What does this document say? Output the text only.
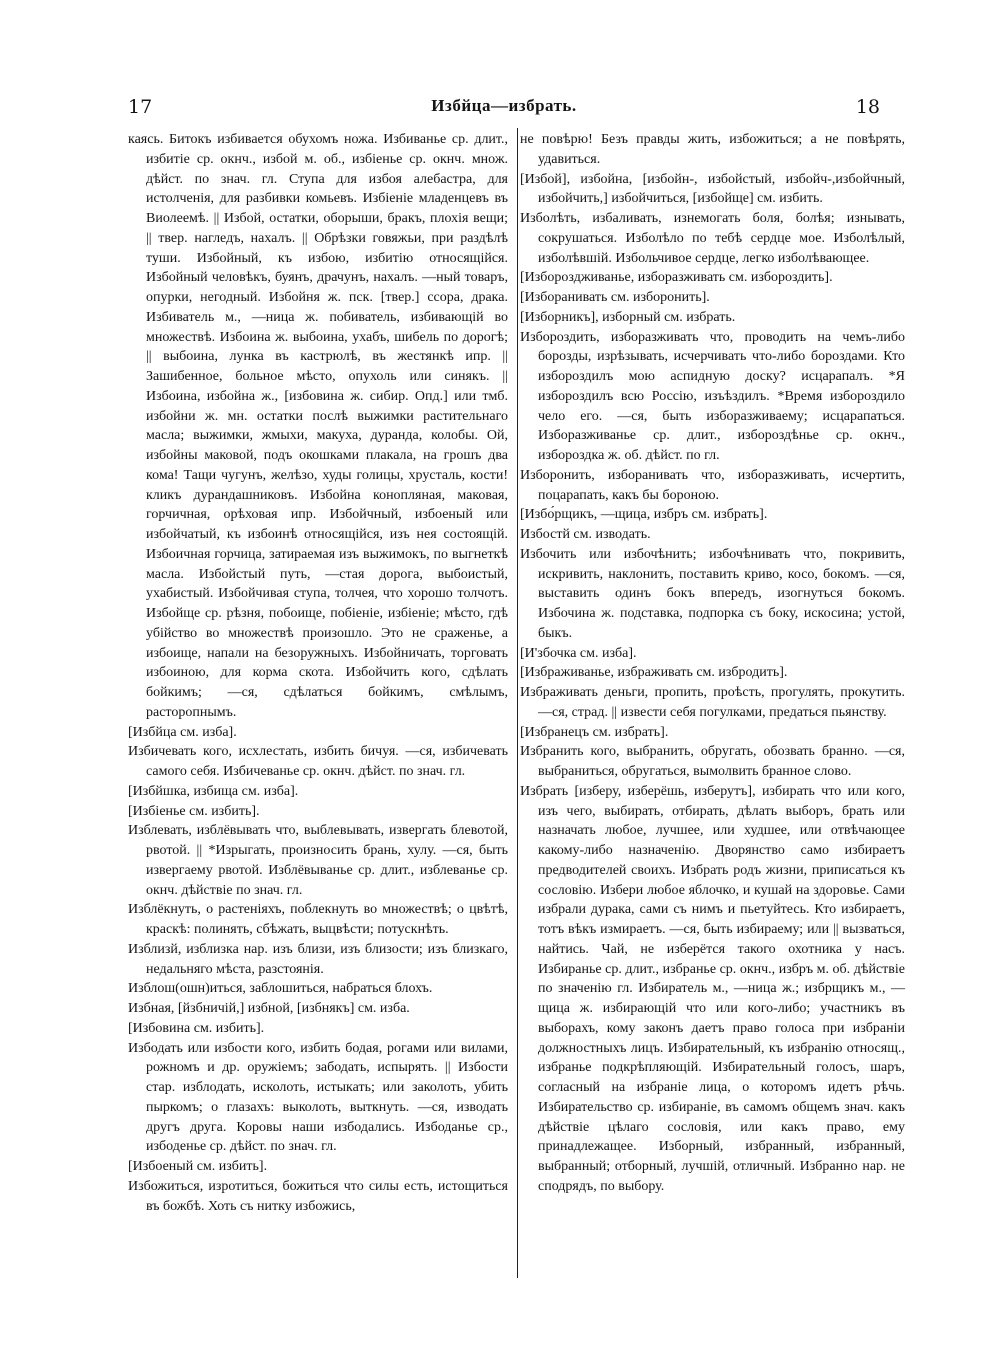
17	Избйца—избрать.	18

каясь. Битокъ избивается обухомъ ножа. Избиванье ср. длит., избитіе ср. окнч., избой м. об., избіенье ср. окнч. множ. дѣйст. по знач. гл. Ступа для избоя алебастра, для истолченія, для разбивки комьевъ. Избіеніе младенцевъ въ Виолеемѣ. || Избой, остатки, оборыши, бракъ, плохія вещи; || твер. нагледъ, нахалъ. || Обрѣзки говяжьи, при раздѣлѣ туши. Избойный, къ избою, избитію относящійся. Избойный человѣкъ, буянъ, драчунъ, нахалъ. —ный товаръ, опурки, негодный. Избойня ж. пск. [твер.] ссора, драка. Избиватель м., —ница ж. побиватель, избивающій во множествѣ. Избоина ж. выбоина, ухабъ, шибель по дорогѣ; || выбоина, лунка въ кастрюлѣ, въ жестянкѣ ипр. || Зашибенное, больное мѣсто, опухоль или синякъ. || Избоина, избойна ж., [избовина ж. сибир. Опд.] или тмб. избойни ж. мн. остатки послѣ выжимки растительнаго масла; выжимки, жмыхи, макуха, дуранда, колобы. Ой, избойны маковой, подъ окошками плакала, на грошъ два кома! Тащи чугунъ, желѣзо, худы голицы, хрусталь, кости! кликъ дурандашниковъ. Избойна конопляная, маковая, горчичная, орѣховая ипр. Избойчный, избоеный или избойчатый, къ избоинѣ относящійся, изъ нея состоящій. Избоичная горчица, затираемая изъ выжимокъ, по выгнеткѣ масла. Избойстый путь, —стая дорога, выбоистый, ухабистый. Избойчивая ступа, толчея, что хорошо толчотъ. Избойще ср. рѣзня, побоище, побіеніе, избіеніе; мѣсто, гдѣ убійство во множествѣ произошло. Это не сраженье, а избоище, напали на безоружныхъ. Избойничать, торговать избоиною, для корма скота. Избойчить кого, сдѣлать бойкимъ; —ся, сдѣлаться бойкимъ, смѣлымъ, расторопнымъ.

[Избйца см. изба].

Избичевать кого, исхлестать, избить бичуя. —ся, избичевать самого себя. Избичеванье ср. окнч. дѣйст. по знач. гл.

[Избйшка, избища см. изба].

[Избіенье см. избить].

Изблевать, изблёвывать что, выблевывать, извергать блевотой, рвотой. || *Изрыгать, произносить брань, хулу. —ся, быть извергаему рвотой. Изблёвыванье ср. длит., изблеванье ср. окнч. дѣйствіе по знач. гл.

Изблёкнуть, о растеніяхъ, поблекнуть во множествѣ; о цвѣтѣ, краскѣ: полинять, сбѣжать, выцвѣсти; потускнѣть.

Изблизй, изблизка нар. изъ близи, изъ близости; изъ близкаго, недальняго мѣста, разстоянія.

Изблош(ошн)иться, заблошиться, набраться блохъ.

Избная, [йзбничій,] избной, [избнякъ] см. изба.

[Избовина см. избить].

Избодать или избости кого, избить бодая, рогами или вилами, рожномъ и др. оружіемъ; забодать, испырять. || Избости стар. изблодать, исколоть, истыкать; или заколоть, убить пыркомъ; о глазахъ: выколоть, выткнуть. —ся, изводать другъ друга. Коровы наши избодались. Избоданье ср., избоденье ср. дѣйст. по знач. гл.

[Избоеный см. избить].

Избожиться, изротиться, божиться что силы есть, истощиться въ божбѣ. Хоть съ нитку избожись,

не повѣрю! Безъ правды жить, избожиться; а не повѣрять, удавиться.

[Избой], избойна, [избойн-, избойстый, избойч-,избойчный, избойчить,] избойчиться, [избойще] см. избить.

Изболѣть, избаливать, изнемогать боля, болѣя; изнывать, сокрушаться. Изболѣло по тебѣ сердце мое. Изболѣлый, изболѣвшій. Избольчивое сердце, легко изболѣвающее.

[Избороздживанье, изборазживать см. избороздить].

[Изборанивать см. изборонить].

[Изборникъ], изборный см. избрать.

Избороздить, изборазживать что, проводить на чемъ-либо борозды, изрѣзывать, исчерчивать что-либо бороздами. Кто избороздилъ мою аспидную доску? исцарапалъ. *Я избороздилъ всю Россію, изъѣздилъ. *Время избороздило чело его. —ся, быть изборазживаему; исцарапаться. Изборазживанье ср. длит., избороздѣнье ср. окнч., избороздка ж. об. дѣйст. по гл.

Изборонить, изборанивать что, изборазживать, исчертить, поцарапать, какъ бы бороною.

[Избо́рщикъ, —щица, избръ см. избрать].

Избостй см. изводать.

Избочить или избочѣнить; избочѣнивать что, покривить, искривить, наклонить, поставить криво, косо, бокомъ. —ся, выставить одинъ бокъ впередъ, изогнуться бокомъ. Избочина ж. подставка, подпорка съ боку, искосина; устой, быкъ.

[И'збочка см. изба].

[Избраживанье, избраживать см. избродить].

Избраживать деньги, пропить, проѣсть, прогулять, прокутить. —ся, страд. || извести себя погулками, предаться пьянству.

[Избранецъ см. избрать].

Избранить кого, выбранить, обругать, обозвать бранно. —ся, выбраниться, обругаться, вымолвить бранное слово.

Избрать [изберу, изберёшь, изберутъ], избирать что или кого, изъ чего, выбирать, отбирать, дѣлать выборъ, брать или назначать любое, лучшее, или худшее, или отвѣчающее какому-либо назначенію. Дворянство само избираетъ предводителей своихъ. Избрать родъ жизни, приписаться къ сословію. Избери любое яблочко, и кушай на здоровье. Сами избрали дурака, сами съ нимъ и пьетуйтесь. Кто избираетъ, тотъ вѣкъ измираетъ. —ся, быть избираему; или || вызваться, найтись. Чай, не изберётся такого охотника у насъ. Избиранье ср. длит., избранье ср. окнч., избръ м. об. дѣйствіе по значенію гл. Избиратель м., —ница ж.; избрщикъ м., —щица ж. избирающій что или кого-либо; участникъ въ выборахъ, кому законъ даетъ право голоса при избраніи должностныхъ лицъ. Избирательный, къ избранію относящ., избранье подкрѣпляющій. Избирательный голосъ, шаръ, согласный на избраніе лица, о которомъ идетъ рѣчь. Избирательство ср. избираніе, въ самомъ общемъ знач. какъ дѣйствіе цѣлаго сословія, или какъ право, ему принадлежащее. Изборный, избранный, избранный, выбранный; отборный, лучшій, отличный. Избранно нар. не сподрядъ, по выбору.
